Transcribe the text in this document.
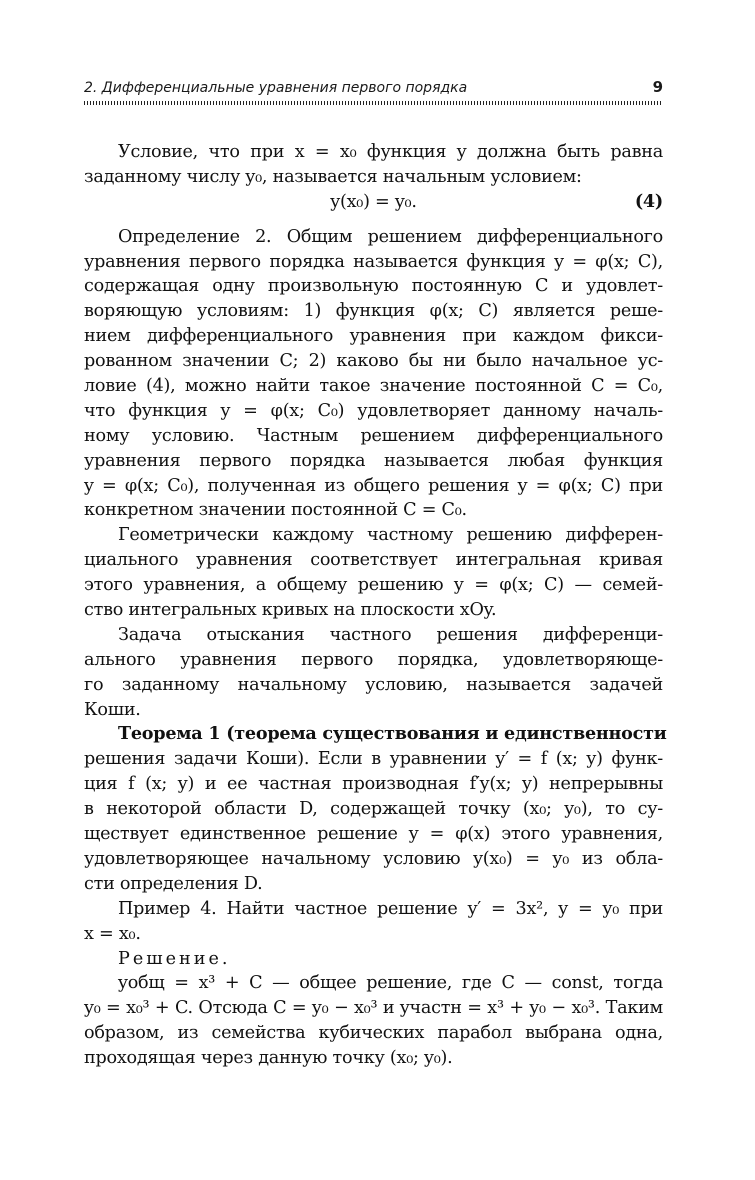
2. Дифференциальные уравнения первого порядка	9
Условие, что при x = x₀ функция y должна быть равна
заданному числу y₀, называется начальным условием:
y(x₀) = y₀.	(4)
Определение 2. Общим решением дифференциального
уравнения первого порядка называется функция y = φ(x; C),
содержащая одну произвольную постоянную C и удовлет-
воряющую условиям: 1) функция φ(x; C) является реше-
нием дифференциального уравнения при каждом фикси-
рованном значении C; 2) каково бы ни было начальное ус-
ловие (4), можно найти такое значение постоянной C = C₀,
что функция y = φ(x; C₀) удовлетворяет данному началь-
ному условию. Частным решением дифференциального
уравнения первого порядка называется любая функция
y = φ(x; C₀), полученная из общего решения y = φ(x; C) при
конкретном значении постоянной C = C₀.
Геометрически каждому частному решению дифферен-
циального уравнения соответствует интегральная кривая
этого уравнения, а общему решению y = φ(x; C) — семей-
ство интегральных кривых на плоскости xOy.
Задача отыскания частного решения дифференци-
ального уравнения первого порядка, удовлетворяюще-
го заданному начальному условию, называется задачей
Коши.
Теорема 1 (теорема существования и единственности
решения задачи Коши). Если в уравнении y′ = f (x; y) функ-
ция f (x; y) и ее частная производная f′y(x; y) непрерывны
в некоторой области D, содержащей точку (x₀; y₀), то су-
ществует единственное решение y = φ(x) этого уравнения,
удовлетворяющее начальному условию y(x₀) = y₀ из обла-
сти определения D.
Пример 4. Найти частное решение y′ = 3x², y = y₀ при
x = x₀.
Решение.
yобщ = x³ + C — общее решение, где C — const, тогда
y₀ = x₀³ + C. Отсюда C = y₀ − x₀³ и yчастн = x³ + y₀ − x₀³. Таким
образом, из семейства кубических парабол выбрана одна,
проходящая через данную точку (x₀; y₀).
